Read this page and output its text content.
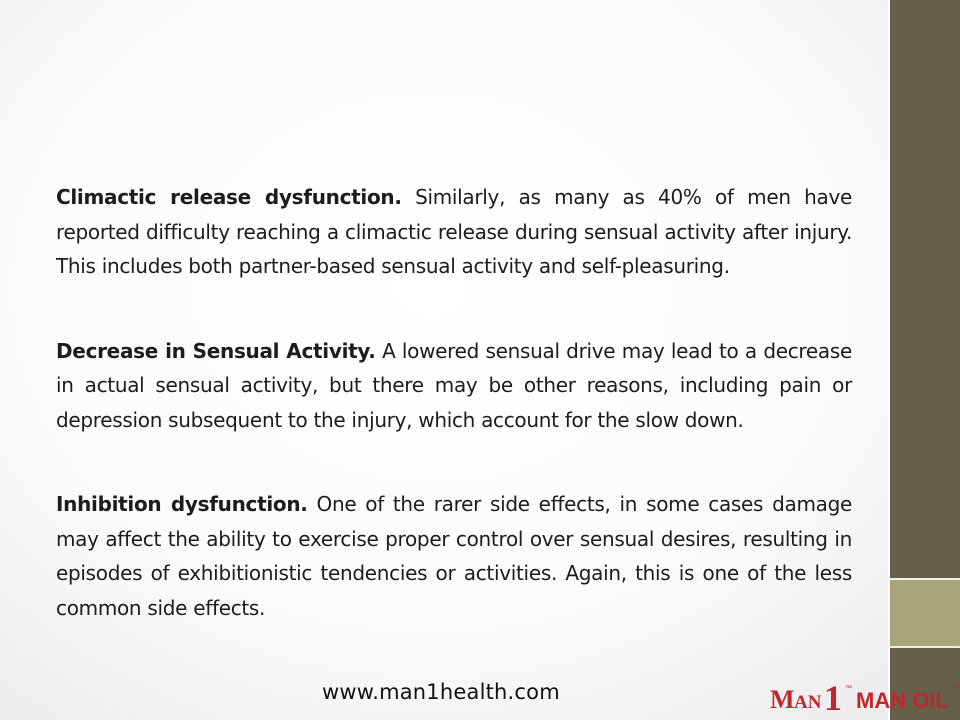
Climactic release dysfunction. Similarly, as many as 40% of men have reported difficulty reaching a climactic release during sensual activity after injury. This includes both partner-based sensual activity and self-pleasuring.

Decrease in Sensual Activity. A lowered sensual drive may lead to a decrease in actual sensual activity, but there may be other reasons, including pain or depression subsequent to the injury, which account for the slow down.

Inhibition dysfunction. One of the rarer side effects, in some cases damage may affect the ability to exercise proper control over sensual desires, resulting in episodes of exhibitionistic tendencies or activities. Again, this is one of the less common side effects.

www.man1health.com	M AN 1 ™ MAN OIL ™
